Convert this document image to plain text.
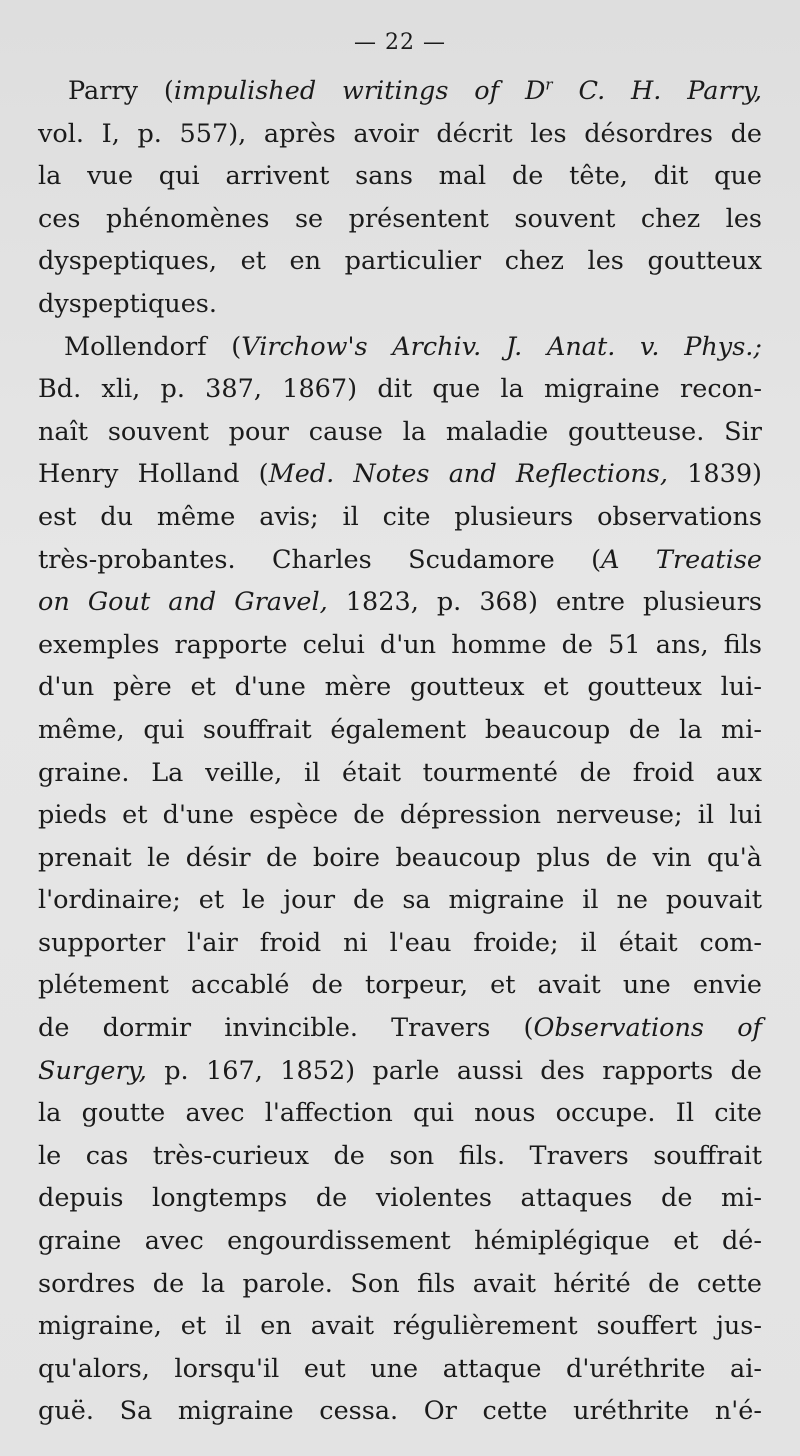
— 22 —
Parry (impulished writings of $D^r$ C. H. Parry,
vol. I, p. 557), après avoir décrit les désordres de
la vue qui arrivent sans mal de tête, dit que
ces phénomènes se présentent souvent chez les
dyspeptiques, et en particulier chez les goutteux
dyspeptiques.
Mollendorf (Virchow's Archiv. J. Anat. v. Phys.;
Bd. xli, p. 387, 1867) dit que la migraine recon-
naît souvent pour cause la maladie goutteuse. Sir
Henry Holland (Med. Notes and Reflections, 1839)
est du même avis; il cite plusieurs observations
très-probantes. Charles Scudamore (A Treatise
on Gout and Gravel, 1823, p. 368) entre plusieurs
exemples rapporte celui d'un homme de 51 ans, fils
d'un père et d'une mère goutteux et goutteux lui-
même, qui souffrait également beaucoup de la mi-
graine. La veille, il était tourmenté de froid aux
pieds et d'une espèce de dépression nerveuse; il lui
prenait le désir de boire beaucoup plus de vin qu'à
l'ordinaire; et le jour de sa migraine il ne pouvait
supporter l'air froid ni l'eau froide; il était com-
plétement accablé de torpeur, et avait une envie
de dormir invincible. Travers (Observations of
Surgery, p. 167, 1852) parle aussi des rapports de
la goutte avec l'affection qui nous occupe. Il cite
le cas très-curieux de son fils. Travers souffrait
depuis longtemps de violentes attaques de mi-
graine avec engourdissement hémiplégique et dé-
sordres de la parole. Son fils avait hérité de cette
migraine, et il en avait régulièrement souffert jus-
qu'alors, lorsqu'il eut une attaque d'uréthrite ai-
guë. Sa migraine cessa. Or cette uréthrite n'é-
